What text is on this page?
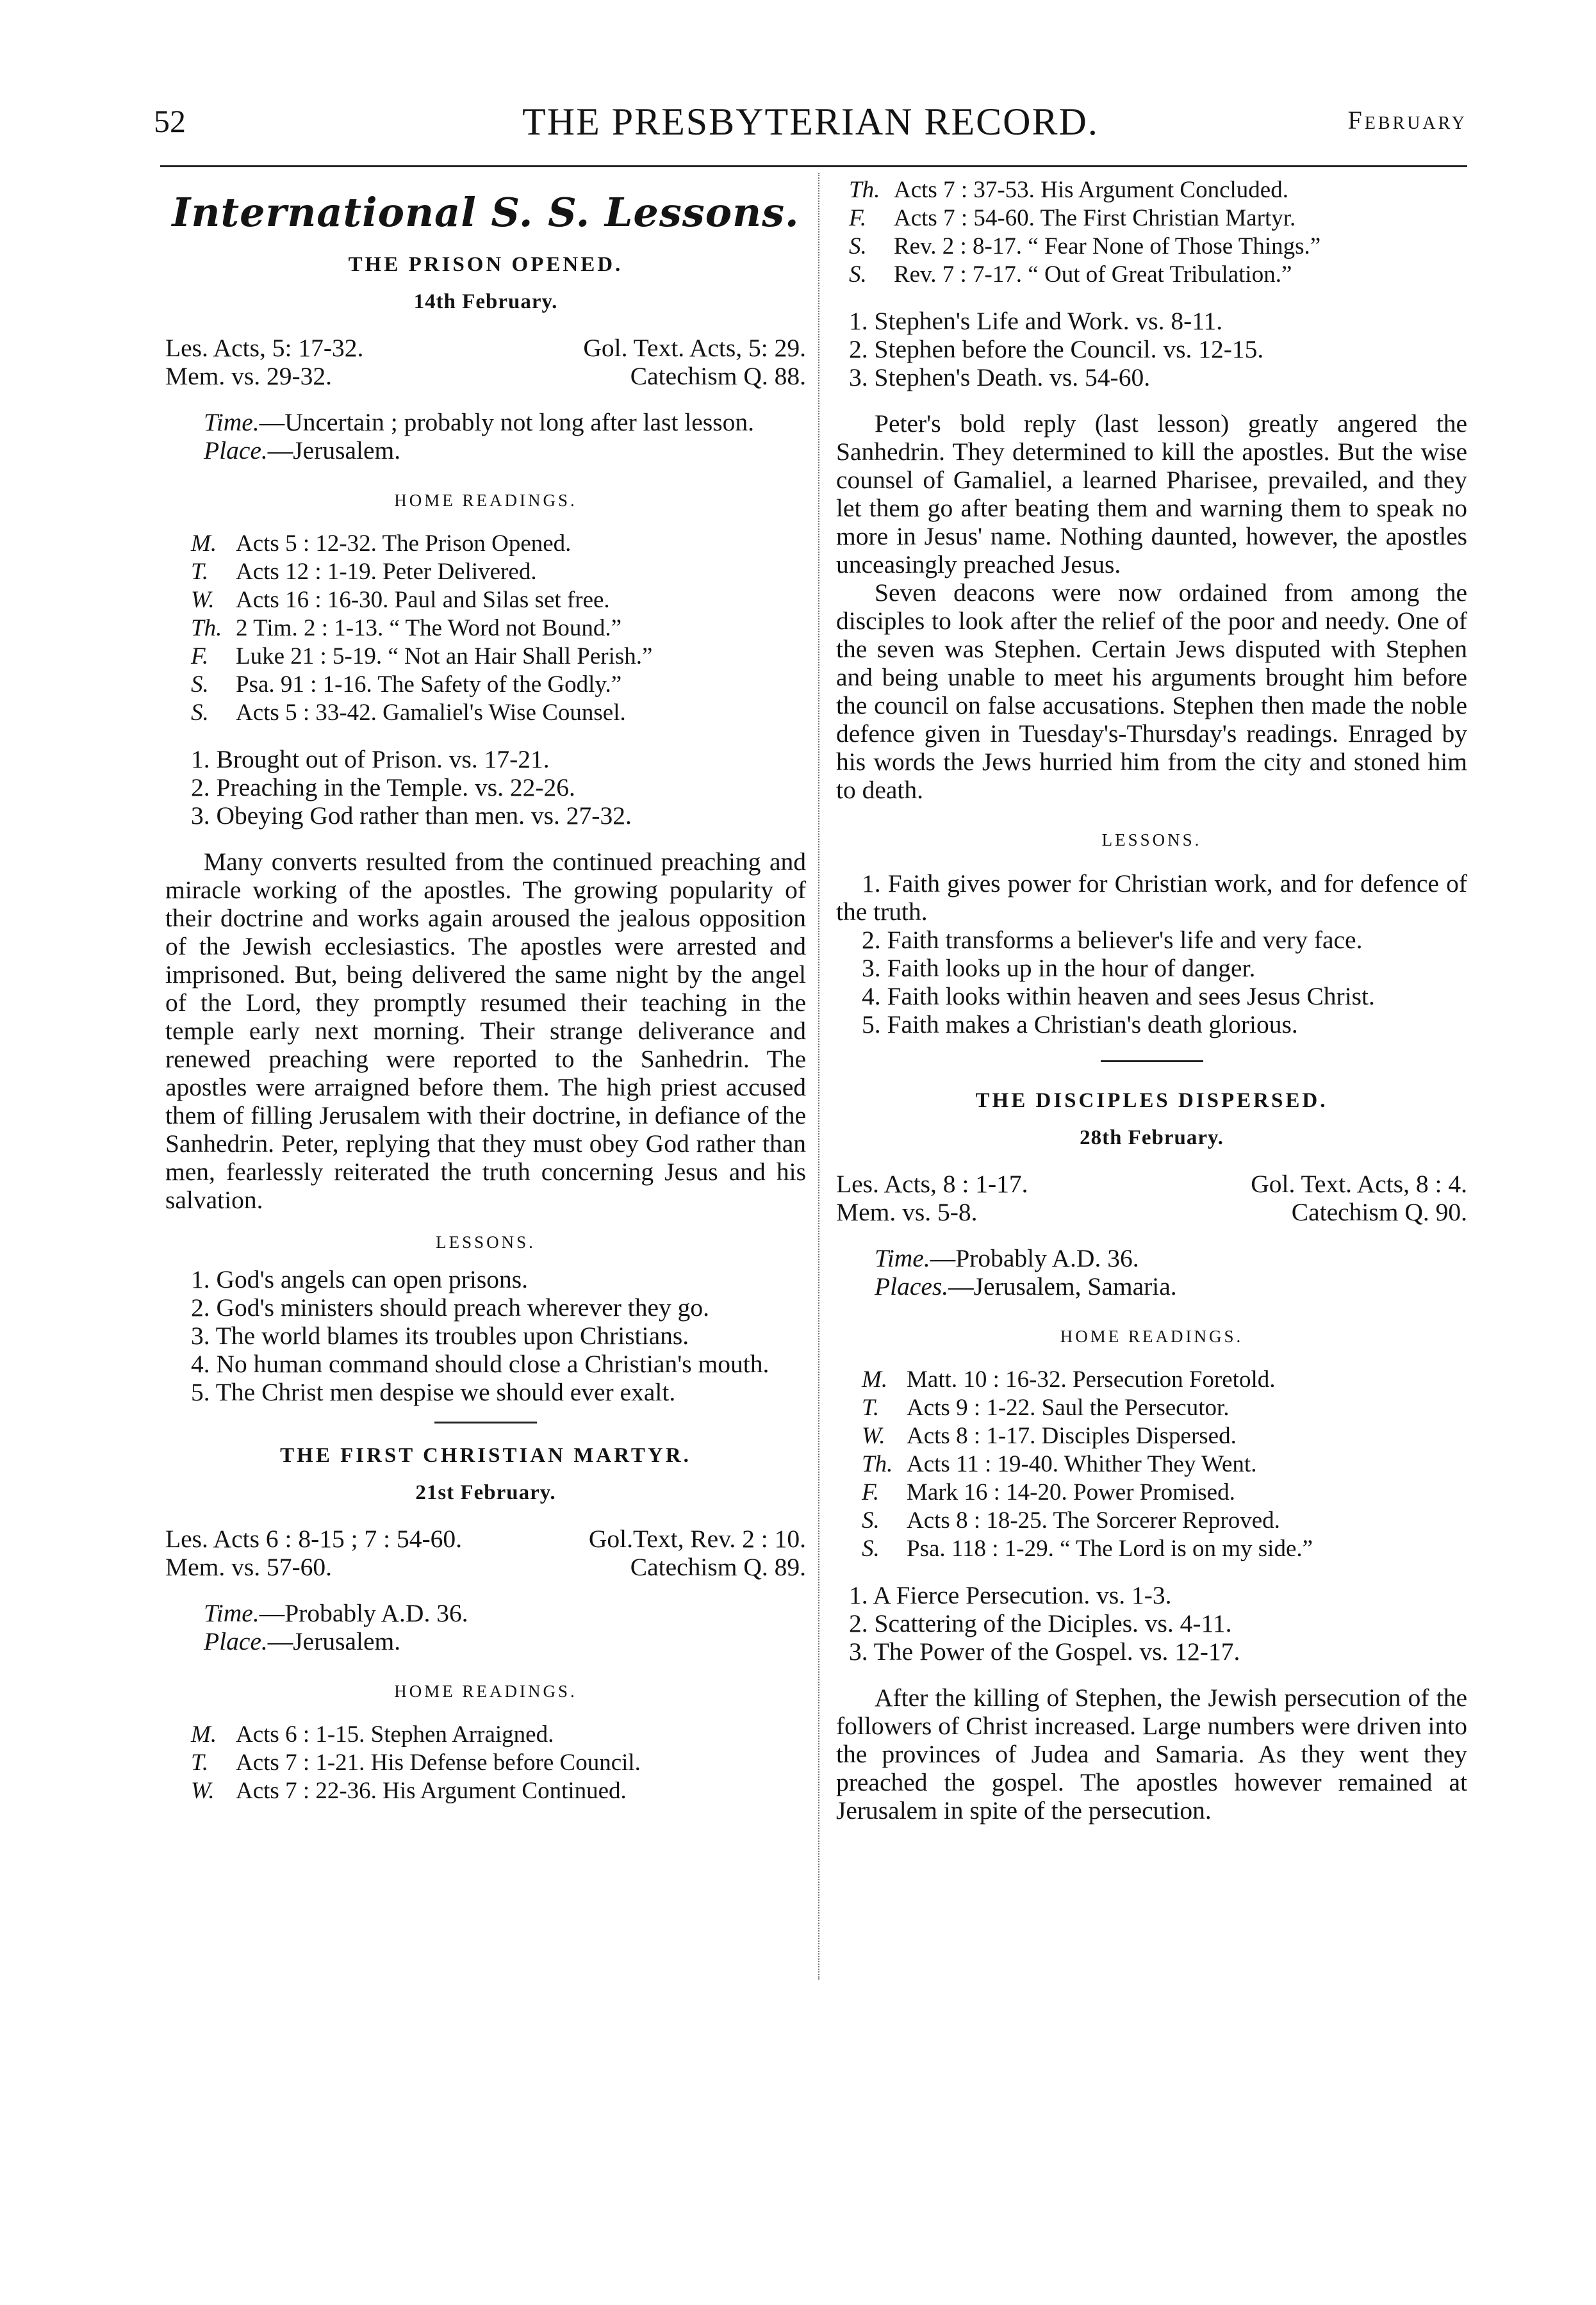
52	THE PRESBYTERIAN RECORD.	February
International S. S. Lessons.
THE PRISON OPENED.
14th February.
Les. Acts, 5: 17-32.	Gol. Text. Acts, 5: 29.
Mem. vs. 29-32.	Catechism Q. 88.
Time.—Uncertain ; probably not long after last lesson.
Place.—Jerusalem.
HOME READINGS.
M. Acts 5 : 12-32. The Prison Opened.
T.	Acts 12 : 1-19. Peter Delivered.
W. Acts 16 : 16-30. Paul and Silas set free.
Th. 2 Tim. 2 : 1-13. “ The Word not Bound.”
F.	Luke 21 : 5-19. “ Not an Hair Shall Perish.”
S.	Psa. 91 : 1-16. The Safety of the Godly.”
S.	Acts 5 : 33-42. Gamaliel's Wise Counsel.
1. Brought out of Prison. vs. 17-21.
2. Preaching in the Temple. vs. 22-26.
3. Obeying God rather than men. vs. 27-32.
Many converts resulted from the continued preaching and miracle working of the apostles. The growing popularity of their doctrine and works again aroused the jealous opposition of the Jewish ecclesiastics. The apostles were arrested and imprisoned. But, being delivered the same night by the angel of the Lord, they promptly resumed their teaching in the temple early next morning. Their strange deliverance and renewed preaching were reported to the Sanhedrin. The apostles were arraigned before them. The high priest accused them of filling Jerusalem with their doctrine, in defiance of the Sanhedrin. Peter, replying that they must obey God rather than men, fearlessly reiterated the truth concerning Jesus and his salvation.
LESSONS.
1. God's angels can open prisons.
2. God's ministers should preach wherever they go.
3. The world blames its troubles upon Christians.
4. No human command should close a Christian's mouth.
5. The Christ men despise we should ever exalt.
THE FIRST CHRISTIAN MARTYR.
21st February.
Les. Acts 6 : 8-15 ; 7 : 54-60.	Gol.Text, Rev. 2 : 10.
Mem. vs. 57-60.	Catechism Q. 89.
Time.—Probably A.D. 36.
Place.—Jerusalem.
HOME READINGS.
M. Acts 6 : 1-15. Stephen Arraigned.
T.	Acts 7 : 1-21. His Defense before Council.
W. Acts 7 : 22-36. His Argument Continued.
Th. Acts 7 : 37-53. His Argument Concluded.
F.	Acts 7 : 54-60. The First Christian Martyr.
S.	Rev. 2 : 8-17. “ Fear None of Those Things.”
S.	Rev. 7 : 7-17. “ Out of Great Tribulation.”
1. Stephen's Life and Work. vs. 8-11.
2. Stephen before the Council. vs. 12-15.
3. Stephen's Death. vs. 54-60.
Peter's bold reply (last lesson) greatly angered the Sanhedrin. They determined to kill the apostles. But the wise counsel of Gamaliel, a learned Pharisee, prevailed, and they let them go after beating them and warning them to speak no more in Jesus' name. Nothing daunted, however, the apostles unceasingly preached Jesus.
Seven deacons were now ordained from among the disciples to look after the relief of the poor and needy. One of the seven was Stephen. Certain Jews disputed with Stephen and being unable to meet his arguments brought him before the council on false accusations. Stephen then made the noble defence given in Tuesday's-Thursday's readings. Enraged by his words the Jews hurried him from the city and stoned him to death.
LESSONS.
1. Faith gives power for Christian work, and for defence of the truth.
2. Faith transforms a believer's life and very face.
3. Faith looks up in the hour of danger.
4. Faith looks within heaven and sees Jesus Christ.
5. Faith makes a Christian's death glorious.
THE DISCIPLES DISPERSED.
28th February.
Les. Acts, 8 : 1-17.	Gol. Text. Acts, 8 : 4.
Mem. vs. 5-8.	Catechism Q. 90.
Time.—Probably A.D. 36.
Places.—Jerusalem, Samaria.
HOME READINGS.
M. Matt. 10 : 16-32. Persecution Foretold.
T.	Acts 9 : 1-22. Saul the Persecutor.
W. Acts 8 : 1-17. Disciples Dispersed.
Th. Acts 11 : 19-40. Whither They Went.
F.	Mark 16 : 14-20. Power Promised.
S.	Acts 8 : 18-25. The Sorcerer Reproved.
S.	Psa. 118 : 1-29. “ The Lord is on my side.”
1. A Fierce Persecution. vs. 1-3.
2. Scattering of the Diciples. vs. 4-11.
3. The Power of the Gospel. vs. 12-17.
After the killing of Stephen, the Jewish persecution of the followers of Christ increased. Large numbers were driven into the provinces of Judea and Samaria. As they went they preached the gospel. The apostles however remained at Jerusalem in spite of the persecution.
